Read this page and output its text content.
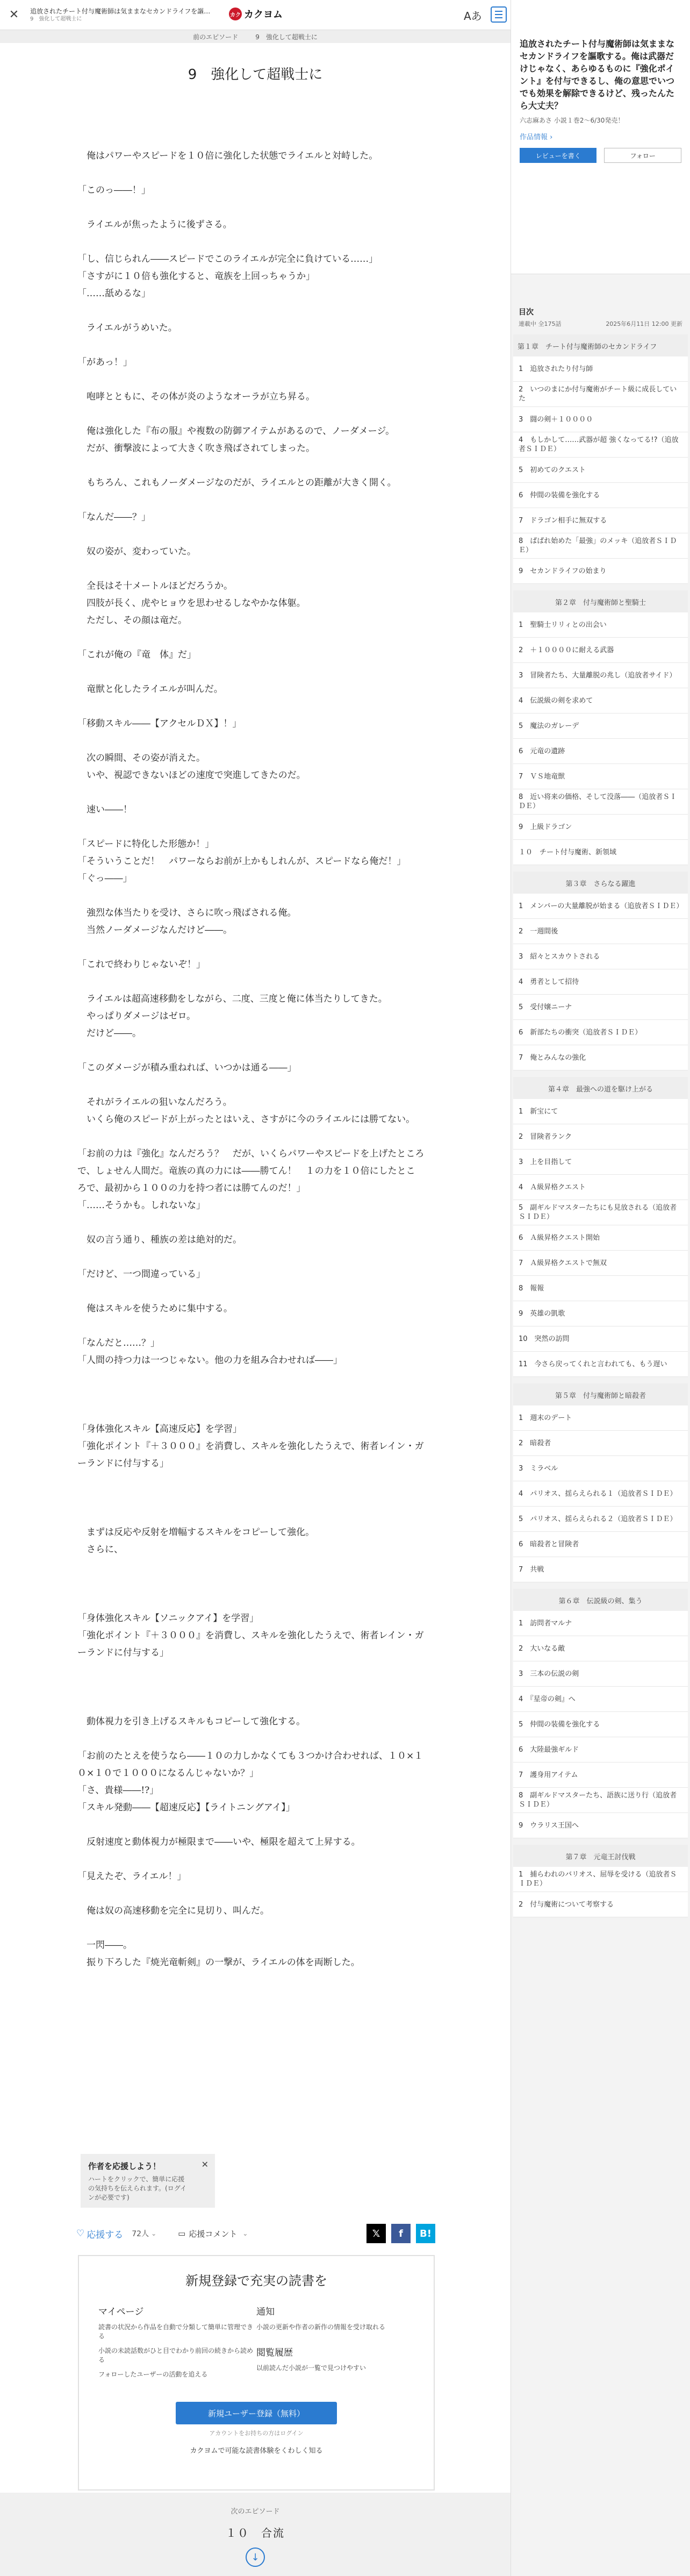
✕	追放されたチート付与魔術師は気ままなセカンドライフを謳…
9　強化して超戦士に
カク カクヨム
前のエピソード	9　強化して超戦士に
9　強化して超戦士に

　俺はパワーやスピードを１０倍に強化した状態でライエルと対峙した。

「このっ――！」

　ライエルが焦ったように後ずさる。

「し、信じられん――スピードでこのライエルが完全に負けている……」

「さすがに１０倍も強化すると、竜族を上回っちゃうか」

「……舐めるな」

　ライエルがうめいた。

「があっ！」

　咆哮とともに、その体が炎のようなオーラが立ち昇る。

　俺は強化した『布の服』や複数の防御アイテムがあるので、ノーダメージ。

　だが、衝撃波によって大きく吹き飛ばされてしまった。

　もちろん、これもノーダメージなのだが、ライエルとの距離が大きく開く。

「なんだ――？」

　奴の姿が、変わっていた。

　全長はそ十メートルほどだろうか。

　四肢が長く、虎やヒョウを思わせるしなやかな体躯。

　ただし、その顔は竜だ。

「これが俺の『竜　体』だ」

　竜獣と化したライエルが叫んだ。

「移動スキル――【アクセルＤＸ】！」

　次の瞬間、その姿が消えた。

　いや、視認できないほどの速度で突進してきたのだ。

　速い――！

「スピードに特化した形態か！」

「そういうことだ！　パワーならお前が上かもしれんが、スピードなら俺だ！」

「ぐっ――」

　強烈な体当たりを受け、さらに吹っ飛ばされる俺。

　当然ノーダメージなんだけど――。

「これで終わりじゃないぞ！」

　ライエルは超高速移動をしながら、二度、三度と俺に体当たりしてきた。

　やっぱりダメージはゼロ。

　だけど――。

「このダメージが積み重ねれば、いつかは通る――」

　それがライエルの狙いなんだろう。

　いくら俺のスピードが上がったとはいえ、さすがに今のライエルには勝てない。

「お前の力は『強化』なんだろう？　だが、いくらパワーやスピードを上げたところ

で、しょせん人間だ。竜族の真の力には――勝てん！　１の力を１０倍にしたとこ

ろで、最初から１００の力を持つ者には勝てんのだ！」

「……そうかも。しれないな」

　奴の言う通り、種族の差は絶対的だ。

「だけど、一つ間違っている」

　俺はスキルを使うために集中する。

「なんだと……？」

「人間の持つ力は一つじゃない。他の力を組み合わせれば――」

「身体強化スキル【高速反応】を学習」

「強化ポイント『＋３０００』を消費し、スキルを強化したうえで、術者レイン・ガ

ーランドに付与する」

　まずは反応や反射を増幅するスキルをコピーして強化。

　さらに、

「身体強化スキル【ソニックアイ】を学習」

「強化ポイント『＋３０００』を消費し、スキルを強化したうえで、術者レイン・ガ

ーランドに付与する」

　動体視力を引き上げるスキルもコピーして強化する。

「お前のたとえを使うなら――１０の力しかなくても３つかけ合わせれば、１０×１

０×１０で１０００になるんじゃないか？」

「さ、貴様――!?」

「スキル発動――【超速反応】【ライトニングアイ】」

　反射速度と動体視力が極限まで――いや、極限を超えて上昇する。

「見えたぞ、ライエル！」

　俺は奴の高速移動を完全に見切り、叫んだ。

　一閃――。

　振り下ろした『焼光竜斬剣』の一撃が、ライエルの体を両断した。

作者を応援しよう！
ハートをクリックで、簡単に応援の気持ちを伝えられます。(ログインが必要です)
✕
♡ 応援する 72人 ⌄	▭ 応援コメント ⌄	𝕏	f	B!
新規登録で充実の読書を
マイページ
読書の状況から作品を自動で分類して簡単に管理できる
小説の未読話数がひと目でわかり前回の続きから読める
フォローしたユーザーの活動を追える
通知
小説の更新や作者の新作の情報を受け取れる
閲覧履歴
以前読んだ小説が一覧で見つけやすい
新規ユーザー登録（無料）
アカウントをお持ちの方はログイン
カクヨムで可能な読書体験をくわしく知る
次のエピソード
１０　合流
↓
Aあ
追放されたチート付与魔術師は気ままなセカンドライフを謳歌する。俺は武器だけじゃなく、あらゆるものに『強化ポイント』を付与できるし、俺の意思でいつでも効果を解除できるけど、残ったんたら大丈夫？
六志麻あさ 小説１巻2～6/30発売！
作品情報 ›
レビューを書く	フォロー
目次
連載中 全175話	2025年6月11日 12:00 更新
第１章　チート付与魔術師のセカンドライフ
1　追放されたり付与師
2　いつのまにか付与魔術がチート級に成長していた
3　闘の剣＋１００００
4　もしかして……武器が超 強くなってる!?（追放者ＳＩＤＥ）
5　初めてのクエスト
6　仲間の装備を強化する
7　ドラゴン相手に無双する
8　ぱぱれ始めた「最強」のメッキ（追放者ＳＩＤＥ）
9　セカンドライフの始まり
第２章　付与魔術師と聖騎士
1　聖騎士リリィとの出会い
2　＋１００００に耐える武器
3　冒険者たち、大量離脱の兆し（追放者サイド）
4　伝説級の剣を求めて
5　魔法のガレーデ
6　元竜の遺跡
7　ＶＳ地竜獣
8　近い将来の価格、そして没落――（追放者ＳＩＤＥ）
9　上級ドラゴン
１０　チート付与魔術、新領域
第３章　さらなる躍進
1　メンバーの大量離脱が始まる（追放者ＳＩＤＥ）
2　一週間後
3　紹々とスカウトされる
4　勇者として招待
5　受付嬢ニーナ
6　新部たちの衝突（追放者ＳＩＤＥ）
7　俺とみんなの強化
第４章　最強への道を駆け上がる
1　新宝にて
2　冒険者ランク
3　上を目指して
4　Ａ級昇格クエスト
5　副ギルドマスターたちにも見放される（追放者ＳＩＤＥ）
6　Ａ級昇格クエスト開始
7　Ａ級昇格クエストで無双
8　報報
9　英雄の凱歌
10　突然の訪問
11　今さら戻ってくれと言われても、もう遅い
第５章　付与魔術師と暗殺者
1　週末のデート
2　暗殺者
3　ミラベル
4　パリオス、揺らえられる１（追放者ＳＩＤＥ）
5　パリオス、揺らえられる２（追放者ＳＩＤＥ）
6　暗殺者と冒険者
7　共戦
第６章　伝説級の剣、集う
1　訪問者マルナ
2　大いなる敵
3　三本の伝説の剣
4　『星帝の剣』へ
5　仲間の装備を強化する
6　大陸最強ギルド
7　護身用アイテム
8　副ギルドマスターたち、語族に送り行（追放者ＳＩＤＥ）
9　ウラリス王国へ
第７章　元竜王討伐戦
1　捕らわれのバリオス、屈辱を受ける（追放者ＳＩＤＥ）
2　付与魔術について考察する
